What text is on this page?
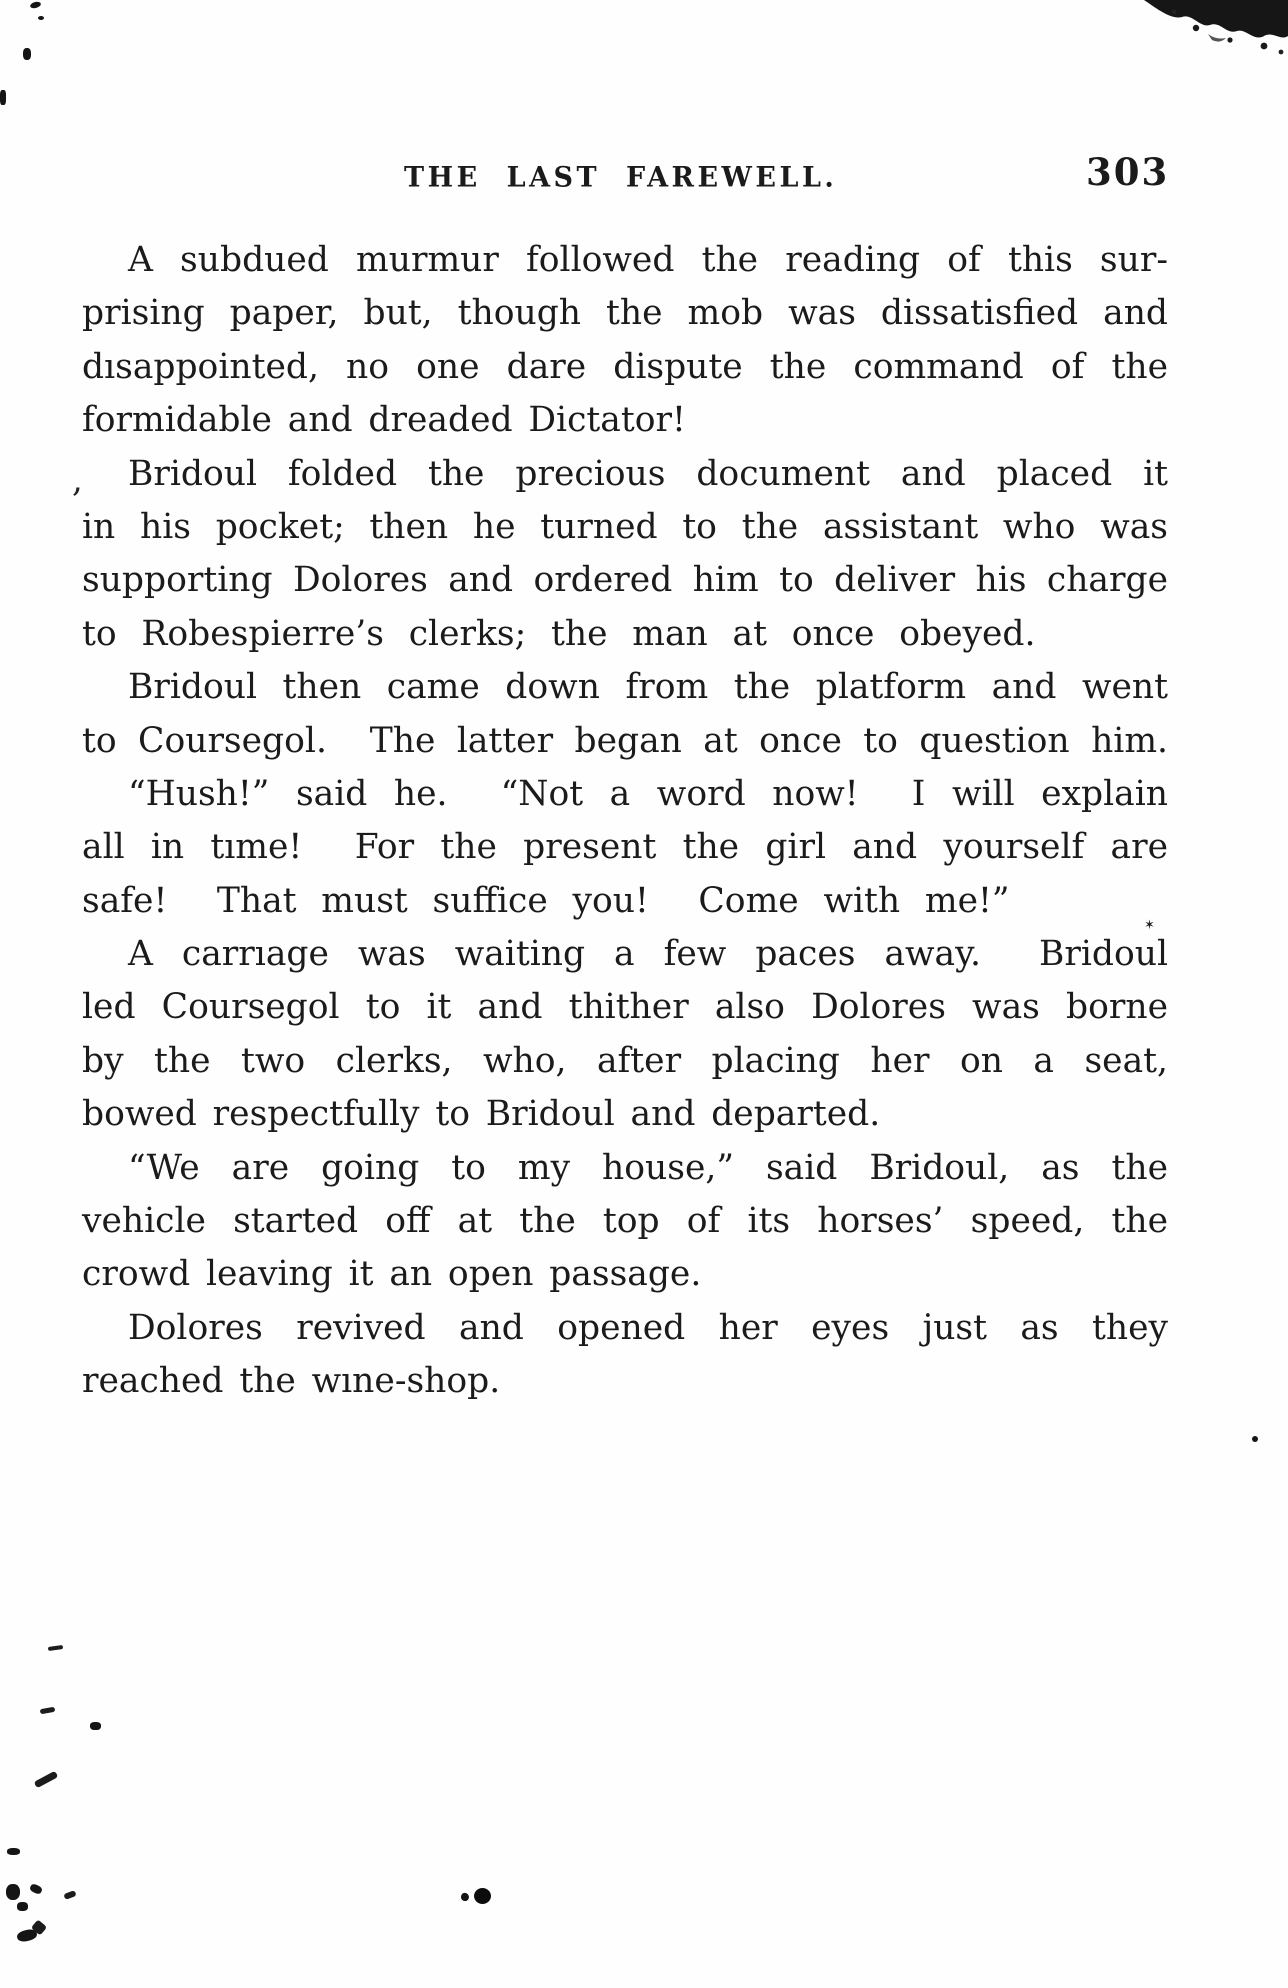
THE LAST FAREWELL.	303
A subdued murmur followed the reading of this sur-
prising paper, but, though the mob was dissatisfied and
dısappointed, no one dare dispute the command of the
formidable and dreaded Dictator!
Bridoul folded the precious document and placed it
in his pocket; then he turned to the assistant who was
supporting Dolores and ordered him to deliver his charge
to Robespierre’s clerks; the man at once obeyed.
Bridoul then came down from the platform and went
to Coursegol.  The latter began at once to question him.
“Hush!” said he.  “Not a word now!  I will explain
all in tıme!  For the present the girl and yourself are
safe!  That must suffice you!  Come with me!”
A carrıage was waiting a few paces away.  Bridoul
led Coursegol to it and thither also Dolores was borne
by the two clerks, who, after placing her on a seat,
bowed respectfully to Bridoul and departed.
“We are going to my house,” said Bridoul, as the
vehicle started off at the top of its horses’ speed, the
crowd leaving it an open passage.
Dolores revived and opened her eyes just as they
reached the wıne-shop.
,
✶
